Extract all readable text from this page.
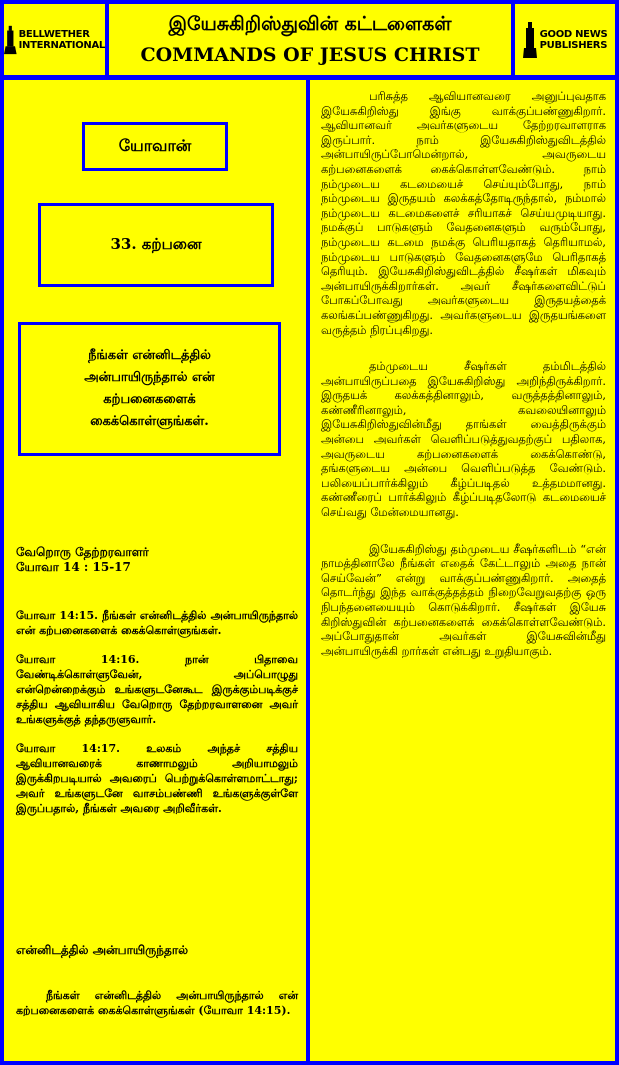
BELLWETHER
INTERNATIONAL
இயேசுகிறிஸ்துவின் கட்டளைகள்
COMMANDS OF JESUS CHRIST
GOOD NEWS
PUBLISHERS
யோவான்
33. கற்பனை
நீங்கள் என்னிடத்தில் அன்பாயிருந்தால் என் கற்பனைகளைக் கைக்கொள்ளுங்கள்.
வேறொரு தேற்றரவாளர்
யோவா 14 : 15-17

யோவா 14:15. நீங்கள் என்னிடத்தில் அன்பாயிருந்தால் என் கற்பனைகளைக் கைக்கொள்ளுங்கள்.

யோவா 14:16. நான் பிதாவை வேண்டிக்கொள்ளுவேன், அப்பொழுது என்றென்றைக்கும் உங்களுடனேகூட இருக்கும்படிக்குச் சத்திய ஆவியாகிய வேறொரு தேற்றரவாளனை அவர் உங்களுக்குத் தந்தருளுவார்.

யோவா 14:17. உலகம் அந்தச் சத்திய ஆவியானவரைக் காணாமலும் அறியாமலும் இருக்கிறபடியால் அவரைப் பெற்றுக்கொள்ளமாட்டாது; அவர் உங்களுடனே வாசம்பண்ணி உங்களுக்குள்ளே இருப்பதால், நீங்கள் அவரை அறிவீர்கள்.

என்னிடத்தில் அன்பாயிருந்தால்
நீங்கள் என்னிடத்தில் அன்பாயிருந்தால் என் கற்பனைகளைக் கைக்கொள்ளுங்கள் (யோவா 14:15).

பரிசுத்த ஆவியானவரை அனுப்புவதாக இயேசுகிறிஸ்து இங்கு வாக்குப்பண்ணுகிறார். ஆவியானவர் அவர்களுடைய தேற்றரவாளராக இருப்பார். நாம் இயேசுகிறிஸ்துவிடத்தில் அன்பாயிருப்போமென்றால், அவருடைய கற்பனைகளைக் கைக்கொள்ளவேண்டும். நாம் நம்முடைய கடமையைச் செய்யும்போது, நாம் நம்முடைய இருதயம் கலக்கத்தோடிருந்தால், நம்மால் நம்முடைய கடமைகளைச் சரியாகச் செய்யமுடியாது. நமக்குப் பாடுகளும் வேதனைகளும் வரும்போது, நம்முடைய கடமை நமக்கு பெரியதாகத் தெரியாமல், நம்முடைய பாடுகளும் வேதனைகளுமே பெரிதாகத் தெரியும். இயேசுகிறிஸ்துவிடத்தில் சீஷர்கள் மிகவும் அன்பாயிருக்கிறார்கள். அவர் சீஷர்களைவிட்டுப் போகப்போவது அவர்களுடைய இருதயத்தைக் கலங்கப்பண்ணுகிறது. அவர்களுடைய இருதயங்களை வருத்தம் நிரப்புகிறது.

தம்முடைய சீஷர்கள் தம்மிடத்தில் அன்பாயிருப்பதை இயேசுகிறிஸ்து அறிந்திருக்கிறார். இருதயக் கலக்கத்தினாலும், வருத்தத்தினாலும், கண்ணீரினாலும், கவலையினாலும் இயேசுகிறிஸ்துவின்மீது தாங்கள் வைத்திருக்கும் அன்பை அவர்கள் வெளிப்படுத்துவதற்குப் பதிலாக, அவருடைய கற்பனைகளைக் கைக்கொண்டு, தங்களுடைய அன்பை வெளிப்படுத்த வேண்டும். பலியைப்பார்க்கிலும் கீழ்ப்படிதல் உத்தமமானது. கண்ணீரைப் பார்க்கிலும் கீழ்ப்படிதலோடு கடமையைச் செய்வது மேன்மையானது.

இயேசுகிறிஸ்து தம்முடைய சீஷர்களிடம் “என் நாமத்தினாலே நீங்கள் எதைக் கேட்டாலும் அதை நான் செய்வேன்” என்று வாக்குப்பண்ணுகிறார். அதைத் தொடர்ந்து இந்த வாக்குத்தத்தம் நிறைவேறுவதற்கு ஒரு நிபந்தனையையும் கொடுக்கிறார். சீஷர்கள் இயேசு கிறிஸ்துவின் கற்பனைகளைக் கைக்கொள்ளவேண்டும். அப்போதுதான் அவர்கள் இயேசுவின்மீது அன்பாயிருக்கி றார்கள் என்பது உறுதியாகும்.
